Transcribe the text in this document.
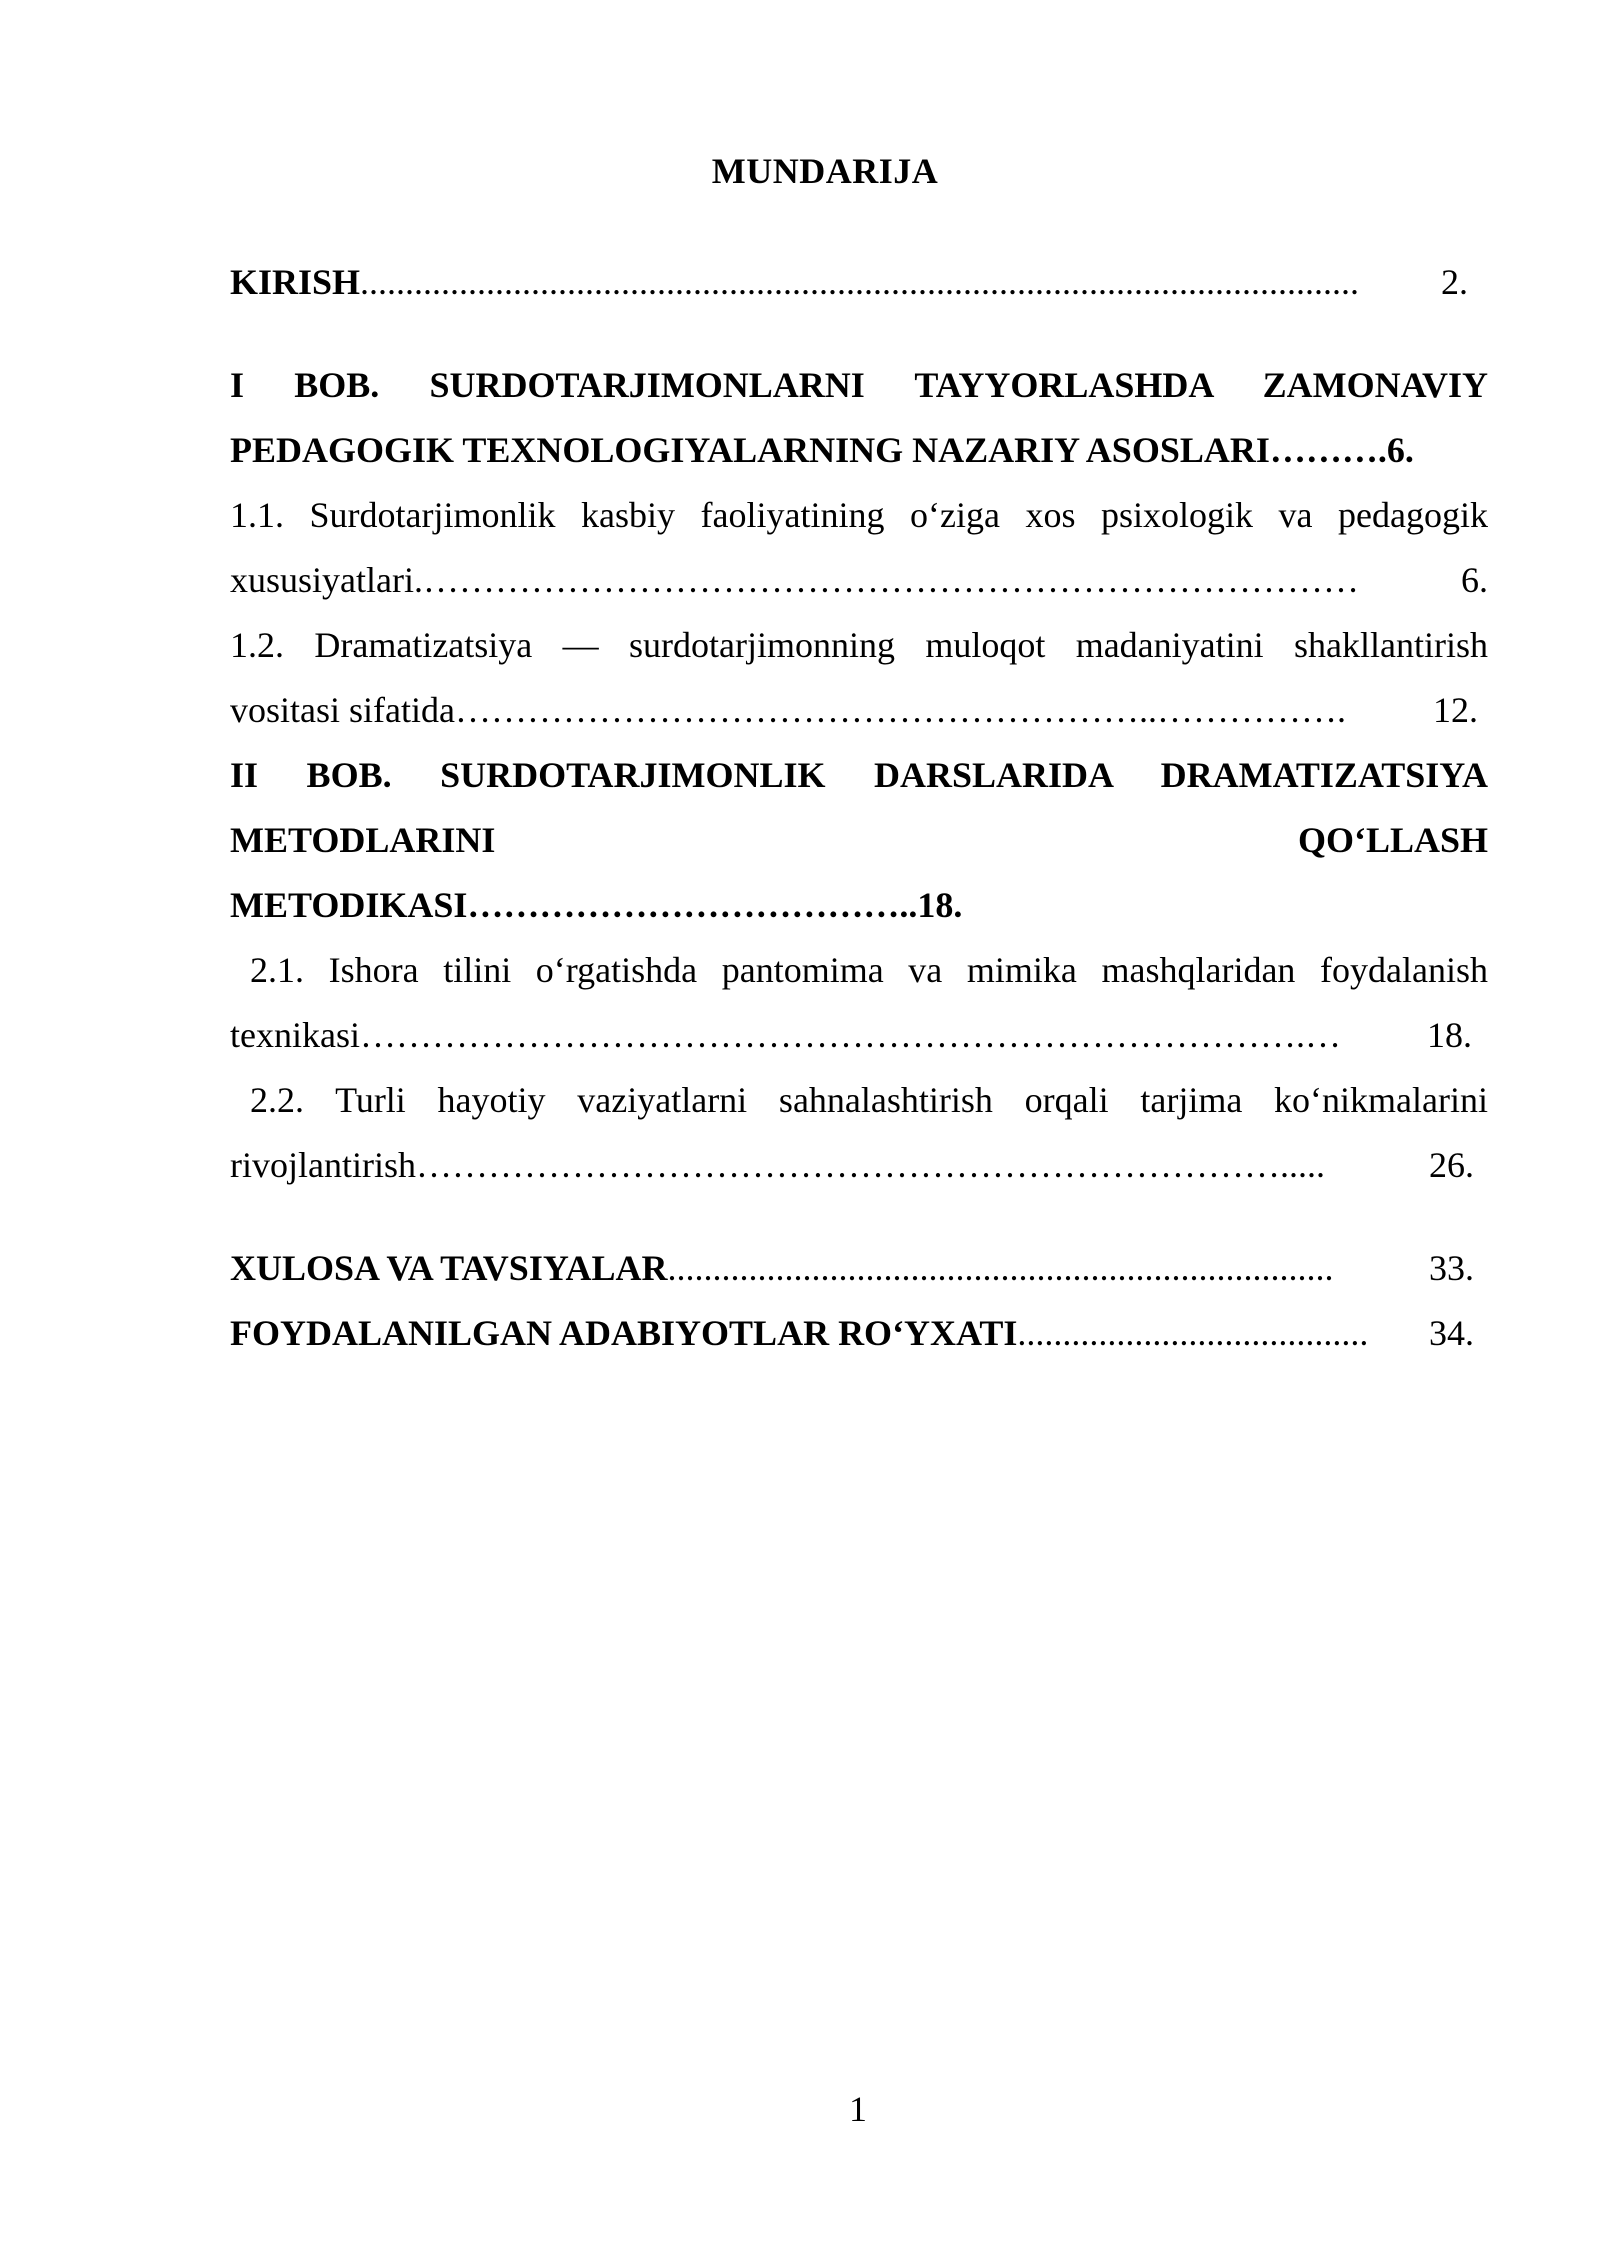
MUNDARIJA
KIRISH ...............................................................................................................	2.
I BOB. SURDOTARJIMONLARNI TAYYORLASHDA ZAMONAVIY
PEDAGOGIK TEXNOLOGIYALARNING NAZARIY ASOSLARI……….6.
1.1. Surdotarjimonlik kasbiy faoliyatining o‘ziga xos psixologik va pedagogik
xususiyatlari. ……………………………………………………………………	6.
1.2. Dramatizatsiya — surdotarjimonning muloqot madaniyatini shakllantirish
vositasi sifatida …………………………………………………..…………….	12.
II BOB. SURDOTARJIMONLIK DARSLARIDA DRAMATIZATSIYA
METODLARINI	QO‘LLASH
METODIKASI………………………………..18.
2.1. Ishora tilini o‘rgatishda pantomima va mimika mashqlaridan foydalanish
texnikasi …………………………………………………………………….…	18.
2.2. Turli hayotiy vaziyatlarni sahnalashtirish orqali tarjima ko‘nikmalarini
rivojlantirish ……………………………………………………………….....	26.
XULOSA VA TAVSIYALAR ..........................................................................	33.
FOYDALANILGAN ADABIYOTLAR RO‘YXATI .......................................	34.
1
